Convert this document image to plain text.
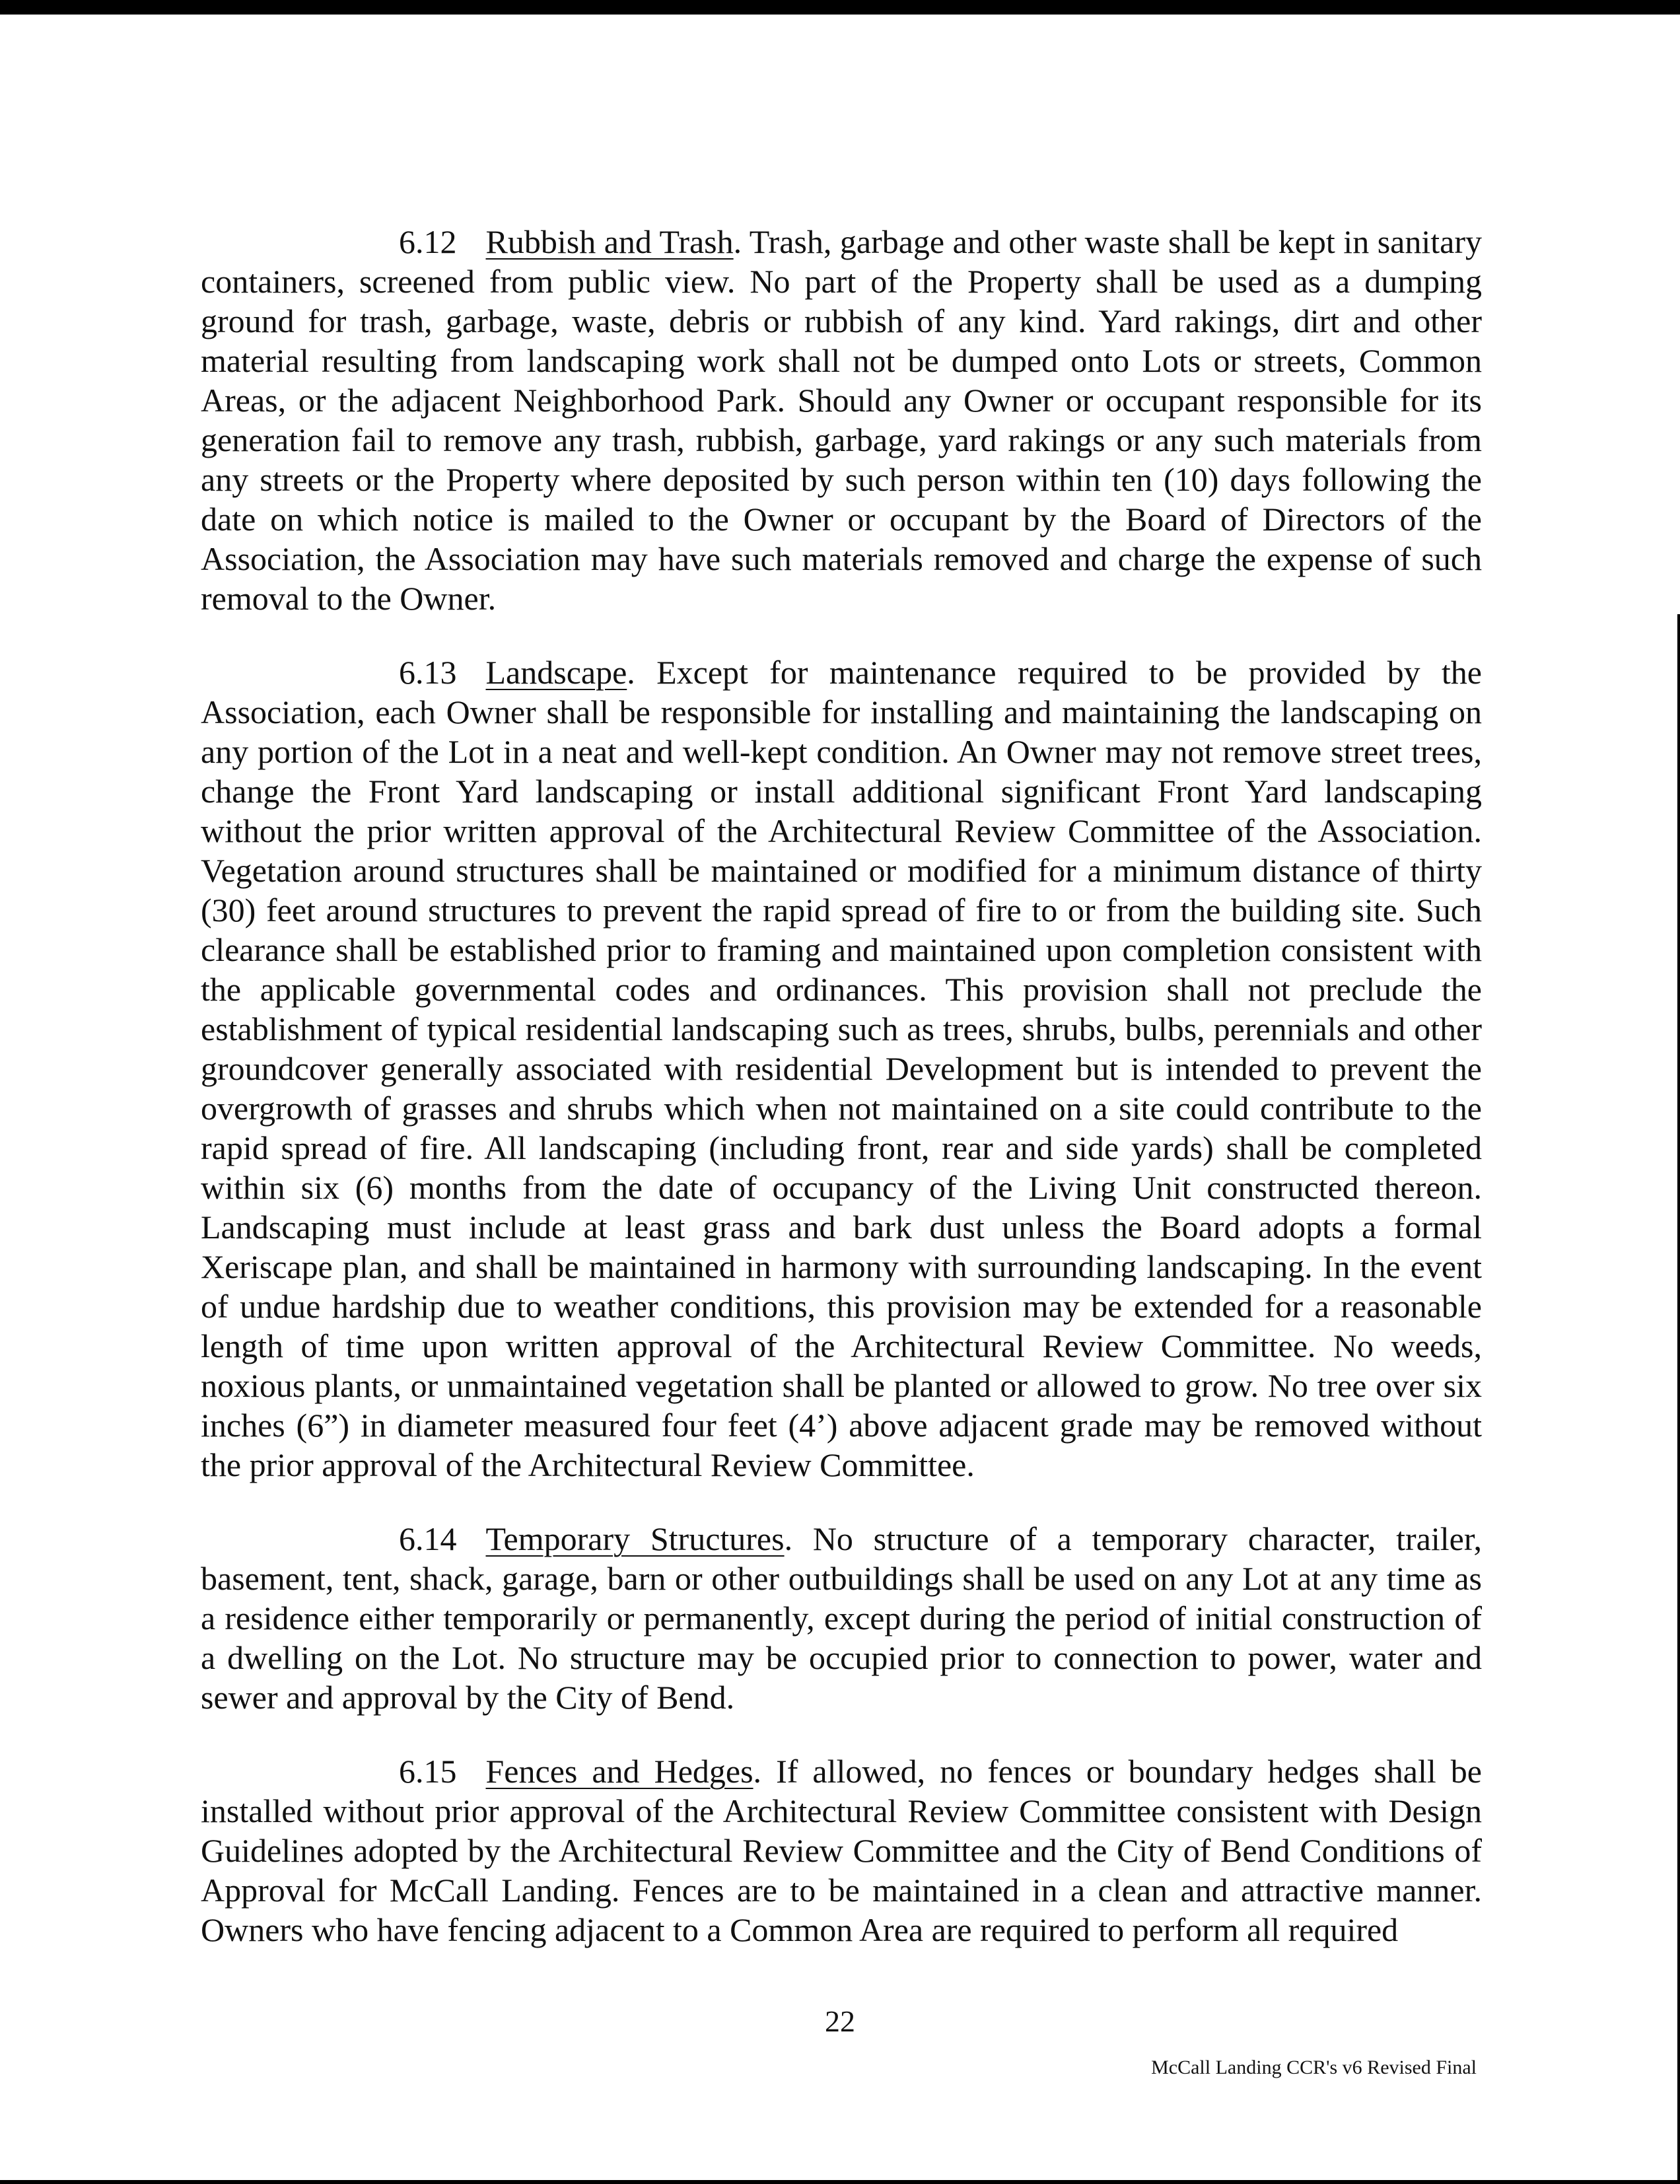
6.12 Rubbish and Trash. Trash, garbage and other waste shall be kept in sanitary containers, screened from public view. No part of the Property shall be used as a dumping ground for trash, garbage, waste, debris or rubbish of any kind. Yard rakings, dirt and other material resulting from landscaping work shall not be dumped onto Lots or streets, Common Areas, or the adjacent Neighborhood Park. Should any Owner or occupant responsible for its generation fail to remove any trash, rubbish, garbage, yard rakings or any such materials from any streets or the Property where deposited by such person within ten (10) days following the date on which notice is mailed to the Owner or occupant by the Board of Directors of the Association, the Association may have such materials removed and charge the expense of such removal to the Owner.

6.13 Landscape. Except for maintenance required to be provided by the Association, each Owner shall be responsible for installing and maintaining the landscaping on any portion of the Lot in a neat and well-kept condition. An Owner may not remove street trees, change the Front Yard landscaping or install additional significant Front Yard landscaping without the prior written approval of the Architectural Review Committee of the Association. Vegetation around structures shall be maintained or modified for a minimum distance of thirty (30) feet around structures to prevent the rapid spread of fire to or from the building site. Such clearance shall be established prior to framing and maintained upon completion consistent with the applicable governmental codes and ordinances. This provision shall not preclude the establishment of typical residential landscaping such as trees, shrubs, bulbs, perennials and other groundcover generally associated with residential Development but is intended to prevent the overgrowth of grasses and shrubs which when not maintained on a site could contribute to the rapid spread of fire. All landscaping (including front, rear and side yards) shall be completed within six (6) months from the date of occupancy of the Living Unit constructed thereon. Landscaping must include at least grass and bark dust unless the Board adopts a formal Xeriscape plan, and shall be maintained in harmony with surrounding landscaping. In the event of undue hardship due to weather conditions, this provision may be extended for a reasonable length of time upon written approval of the Architectural Review Committee. No weeds, noxious plants, or unmaintained vegetation shall be planted or allowed to grow. No tree over six inches (6”) in diameter measured four feet (4’) above adjacent grade may be removed without the prior approval of the Architectural Review Committee.

6.14 Temporary Structures. No structure of a temporary character, trailer, basement, tent, shack, garage, barn or other outbuildings shall be used on any Lot at any time as a residence either temporarily or permanently, except during the period of initial construction of a dwelling on the Lot. No structure may be occupied prior to connection to power, water and sewer and approval by the City of Bend.

6.15 Fences and Hedges. If allowed, no fences or boundary hedges shall be installed without prior approval of the Architectural Review Committee consistent with Design Guidelines adopted by the Architectural Review Committee and the City of Bend Conditions of Approval for McCall Landing. Fences are to be maintained in a clean and attractive manner. Owners who have fencing adjacent to a Common Area are required to perform all required

22
McCall Landing CCR's v6 Revised Final
